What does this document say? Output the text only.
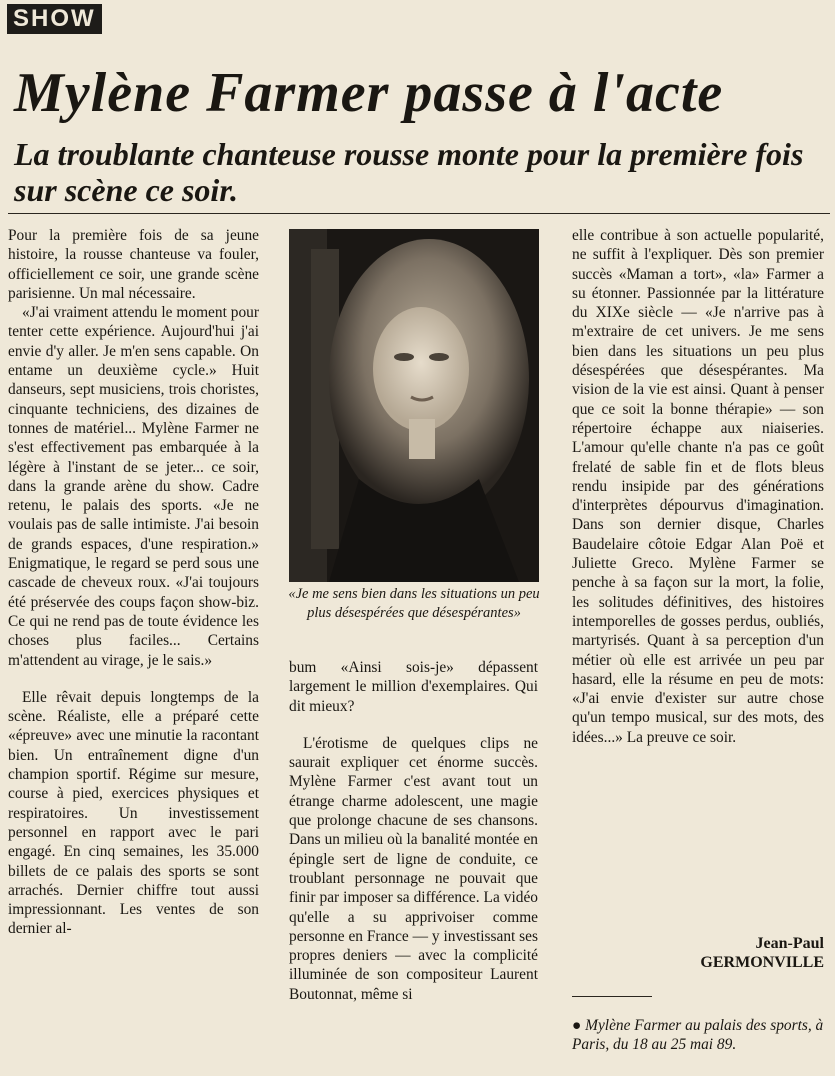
SHOW
Mylène Farmer passe à l'acte
La troublante chanteuse rousse monte pour la première fois sur scène ce soir.

Pour la première fois de sa jeune histoire, la rousse chanteuse va fouler, officiellement ce soir, une grande scène parisienne. Un mal nécessaire.

«J'ai vraiment attendu le moment pour tenter cette expérience. Aujourd'hui j'ai envie d'y aller. Je m'en sens capable. On entame un deuxième cycle.» Huit danseurs, sept musiciens, trois choristes, cinquante techniciens, des dizaines de tonnes de matériel... Mylène Farmer ne s'est effectivement pas embarquée à la légère à l'instant de se jeter... ce soir, dans la grande arène du show. Cadre retenu, le palais des sports. «Je ne voulais pas de salle intimiste. J'ai besoin de grands espaces, d'une respiration.» Enigmatique, le regard se perd sous une cascade de cheveux roux. «J'ai toujours été préservée des coups façon show-biz. Ce qui ne rend pas de toute évidence les choses plus faciles... Certains m'attendent au virage, je le sais.»

Elle rêvait depuis longtemps de la scène. Réaliste, elle a préparé cette «épreuve» avec une minutie la racontant bien. Un entraînement digne d'un champion sportif. Régime sur mesure, course à pied, exercices physiques et respiratoires. Un investissement personnel en rapport avec le pari engagé. En cinq semaines, les 35.000 billets de ce palais des sports se sont arrachés. Dernier chiffre tout aussi impressionnant. Les ventes de son dernier al-

«Je me sens bien dans les situations un peu plus désespérées que désespérantes»

bum «Ainsi sois-je» dépassent largement le million d'exemplaires. Qui dit mieux?

L'érotisme de quelques clips ne saurait expliquer cet énorme succès. Mylène Farmer c'est avant tout un étrange charme adolescent, une magie que prolonge chacune de ses chansons. Dans un milieu où la banalité montée en épingle sert de ligne de conduite, ce troublant personnage ne pouvait que finir par imposer sa différence. La vidéo qu'elle a su apprivoiser comme personne en France — y investissant ses propres deniers — avec la complicité illuminée de son compositeur Laurent Boutonnat, même si

elle contribue à son actuelle popularité, ne suffit à l'expliquer. Dès son premier succès «Maman a tort», «la» Farmer a su étonner. Passionnée par la littérature du XIXe siècle — «Je n'arrive pas à m'extraire de cet univers. Je me sens bien dans les situations un peu plus désespérées que désespérantes. Ma vision de la vie est ainsi. Quant à penser que ce soit la bonne thérapie» — son répertoire échappe aux niaiseries. L'amour qu'elle chante n'a pas ce goût frelaté de sable fin et de flots bleus rendu insipide par des générations d'interprètes dépourvus d'imagination. Dans son dernier disque, Charles Baudelaire côtoie Edgar Alan Poë et Juliette Greco. Mylène Farmer se penche à sa façon sur la mort, la folie, les solitudes définitives, des histoires intemporelles de gosses perdus, oubliés, martyrisés. Quant à sa perception d'un métier où elle est arrivée un peu par hasard, elle la résume en peu de mots: «J'ai envie d'exister sur autre chose qu'un tempo musical, sur des mots, des idées...» La preuve ce soir.

Jean-Paul
GERMONVILLE
● Mylène Farmer au palais des sports, à Paris, du 18 au 25 mai 89.
